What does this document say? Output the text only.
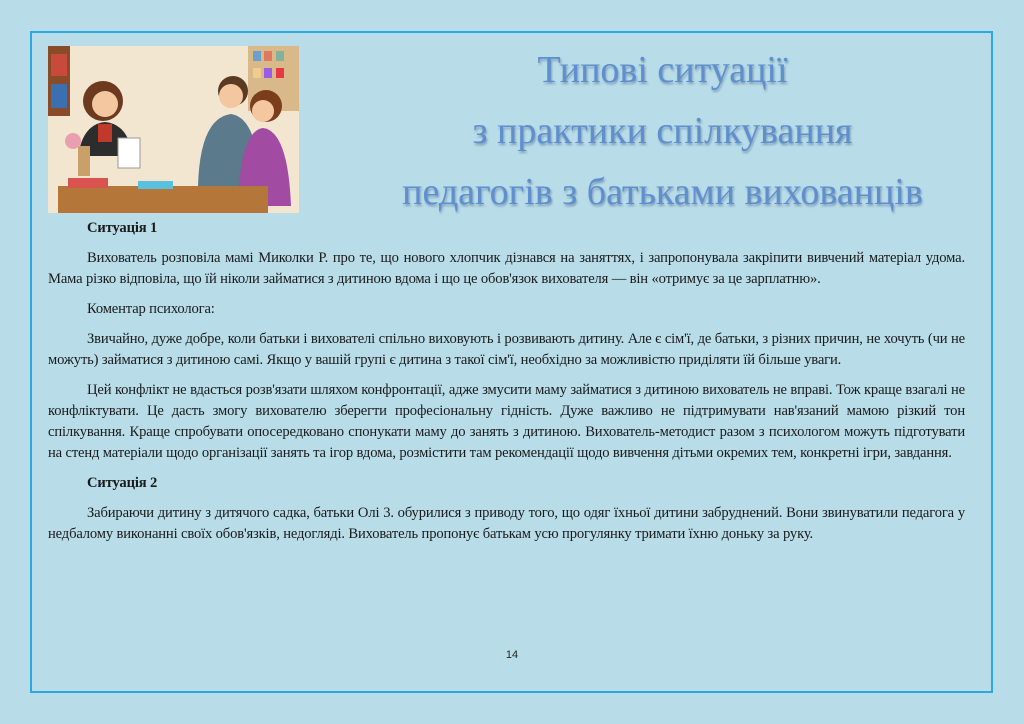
Типові ситуації
з практики спілкування
педагогів з батьками вихованців
Ситуація 1

Вихователь розповіла мамі Миколки Р. про те, що нового хлопчик дізнався на заняттях, і запропонувала закріпити вивчений матеріал удома. Мама різко відповіла, що їй ніколи займатися з дитиною вдома і що це обов'язок вихователя — він «отримує за це зарплатню».

Коментар психолога:

Звичайно, дуже добре, коли батьки і вихователі спільно виховують і розвивають дитину. Але є сім'ї, де батьки, з різних причин, не хочуть (чи не можуть) займатися з дитиною самі. Якщо у вашій групі є дитина з такої сім'ї, необхідно за можливістю приділяти їй більше уваги.

Цей конфлікт не вдасться розв'язати шляхом конфронтації, адже змусити маму займатися з дитиною вихователь не вправі. Тож краще взагалі не конфліктувати. Це дасть змогу вихователю зберегти професіональну гідність. Дуже важливо не підтримувати нав'язаний мамою різкий тон спілкування. Краще спробувати опосередковано спонукати маму до занять з дитиною. Вихователь-методист разом з психологом можуть підготувати на стенд матеріали щодо організації занять та ігор вдома, розмістити там рекомендації щодо вивчення дітьми окремих тем, конкретні ігри, завдання.

Ситуація 2

Забираючи дитину з дитячого садка, батьки Олі 3. обурилися з приводу того, що одяг їхньої дитини забруднений. Вони звинуватили педагога у недбалому виконанні своїх обов'язків, недогляді. Вихователь пропонує батькам усю прогулянку тримати їхню доньку за руку.

14
